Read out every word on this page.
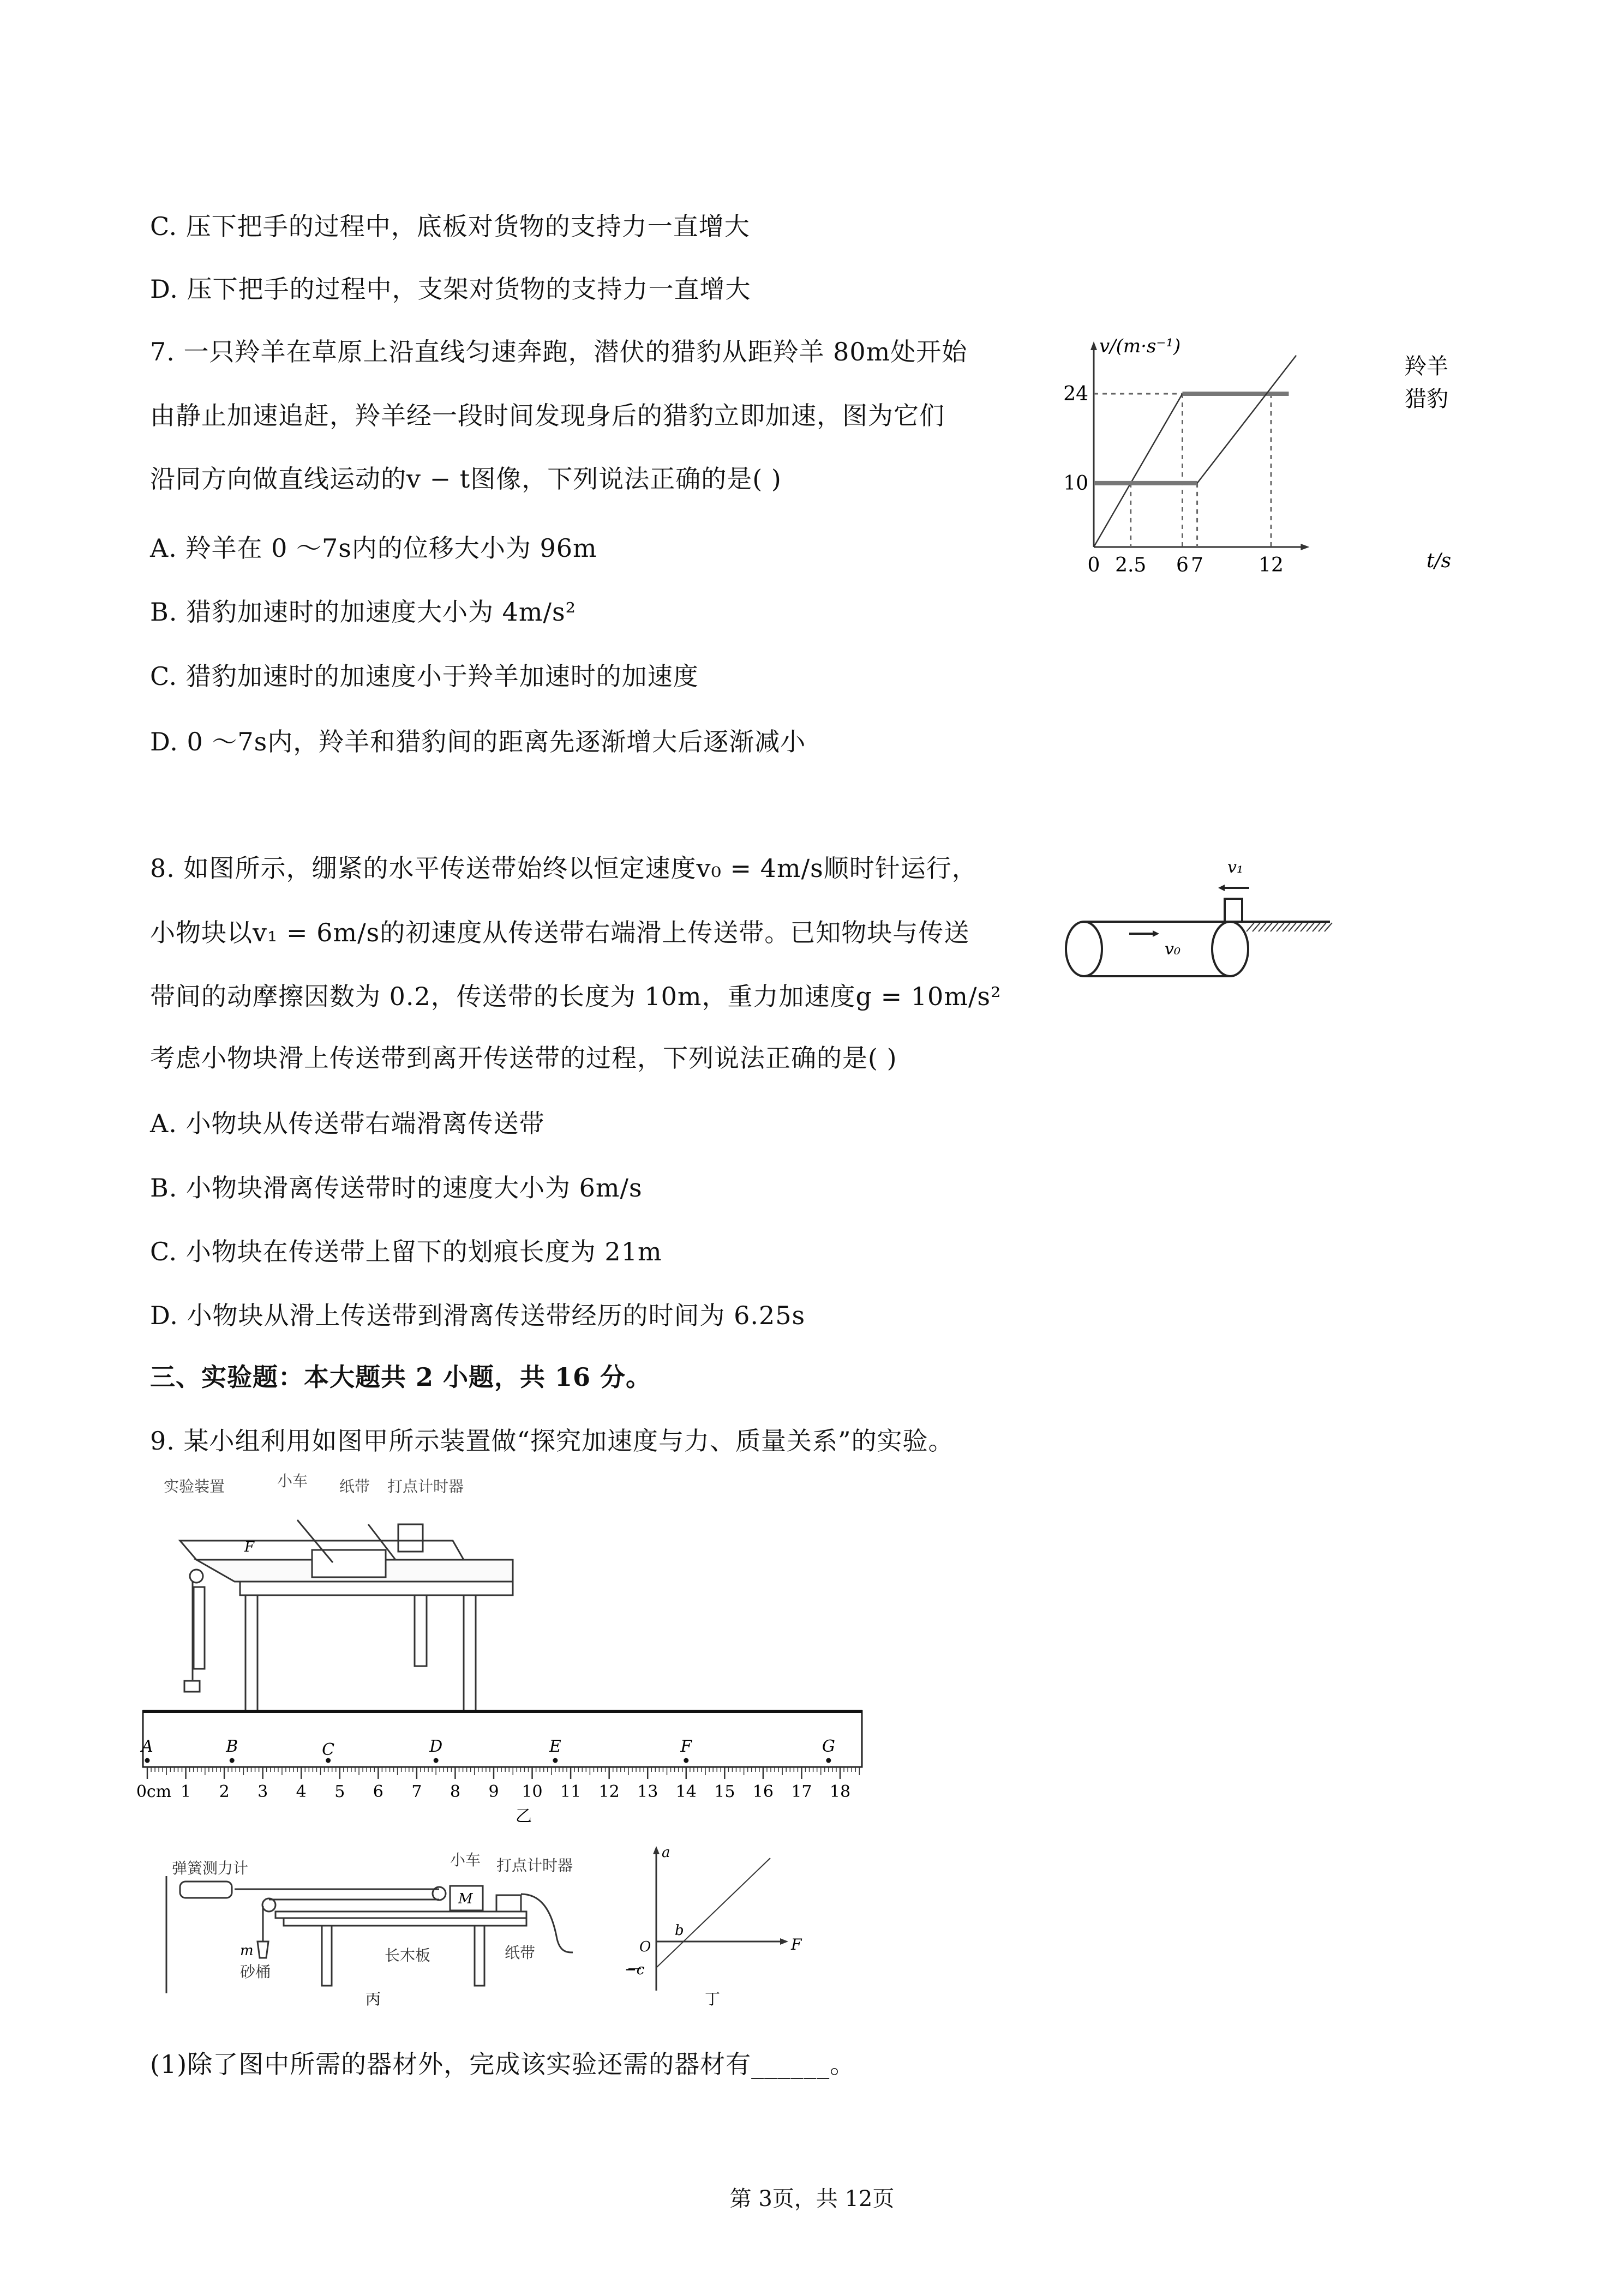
C. 压下把手的过程中，底板对货物的支持力一直增大
D. 压下把手的过程中，支架对货物的支持力一直增大
7. 一只羚羊在草原上沿直线匀速奔跑，潜伏的猎豹从距羚羊 80m处开始
由静止加速追赶，羚羊经一段时间发现身后的猎豹立即加速，图为它们
沿同方向做直线运动的v − t图像，下列说法正确的是( )
A. 羚羊在 0 ～7s内的位移大小为 96m
B. 猎豹加速时的加速度大小为 4m/s²
C. 猎豹加速时的加速度小于羚羊加速时的加速度
D. 0 ～7s内，羚羊和猎豹间的距离先逐渐增大后逐渐减小
0 2.5 6 7	12
10
24
v/(m·s⁻¹)
t/s
羚羊
猎豹
8. 如图所示，绷紧的水平传送带始终以恒定速度v₀ = 4m/s顺时针运行，
小物块以v₁ = 6m/s的初速度从传送带右端滑上传送带。已知物块与传送
带间的动摩擦因数为 0.2，传送带的长度为 10m，重力加速度g = 10m/s²
考虑小物块滑上传送带到离开传送带的过程，下列说法正确的是( )
A. 小物块从传送带右端滑离传送带
B. 小物块滑离传送带时的速度大小为 6m/s
C. 小物块在传送带上留下的划痕长度为 21m
D. 小物块从滑上传送带到滑离传送带经历的时间为 6.25s
v₀
v₁
三、实验题：本大题共 2 小题，共 16 分。
9. 某小组利用如图甲所示装置做“探究加速度与力、质量关系”的实验。
实验装置	小车 纸带 打点计时器
F
0cm 1 2 3 4 5 6 7 8 9 10 11 12 13 14 15 16 17 18
A	B	C	D	E	F	G
乙
弹簧测力计	小车 打点计时器
M
m
砂桶
长木板	纸带
丙
a
F
O
b
−c
丁
(1)除了图中所需的器材外，完成该实验还需的器材有______。
第 3页，共 12页
